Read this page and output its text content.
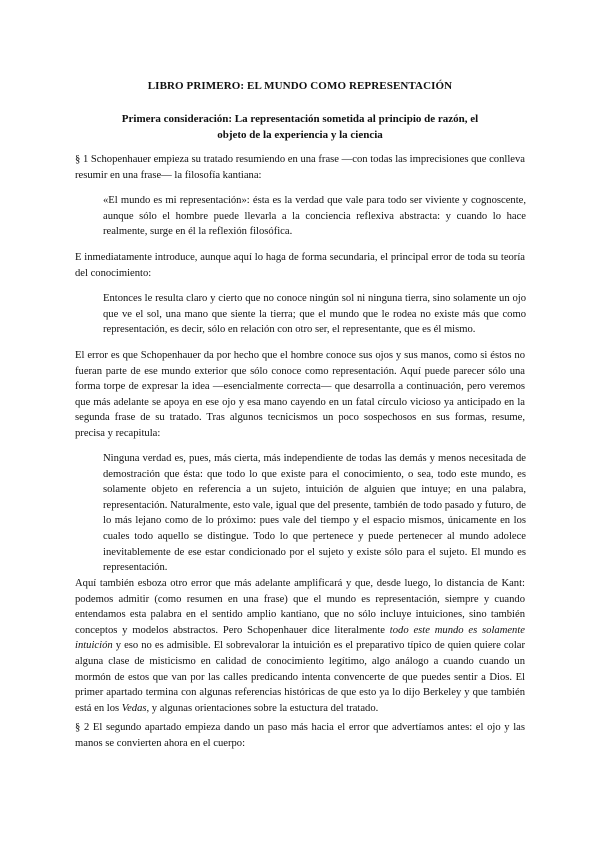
LIBRO PRIMERO: EL MUNDO COMO REPRESENTACIÓN
Primera consideración: La representación sometida al principio de razón, el objeto de la experiencia y la ciencia

§ 1 Schopenhauer empieza su tratado resumiendo en una frase —con todas las imprecisiones que conlleva resumir en una frase— la filosofía kantiana:

«El mundo es mi representación»: ésta es la verdad que vale para todo ser viviente y cognoscente, aunque sólo el hombre puede llevarla a la conciencia reflexiva abstracta: y cuando lo hace realmente, surge en él la reflexión filosófica.

E inmediatamente introduce, aunque aquí lo haga de forma secundaria, el principal error de toda su teoría del conocimiento:

Entonces le resulta claro y cierto que no conoce ningún sol ni ninguna tierra, sino solamente un ojo que ve el sol, una mano que siente la tierra; que el mundo que le rodea no existe más que como representación, es decir, sólo en relación con otro ser, el representante, que es él mismo.

El error es que Schopenhauer da por hecho que el hombre conoce sus ojos y sus manos, como si éstos no fueran parte de ese mundo exterior que sólo conoce como representación. Aquí puede parecer sólo una forma torpe de expresar la idea —esencialmente correcta— que desarrolla a continuación, pero veremos que más adelante se apoya en ese ojo y esa mano cayendo en un fatal círculo vicioso ya anticipado en la segunda frase de su tratado. Tras algunos tecnicismos un poco sospechosos en sus formas, resume, precisa y recapitula:

Ninguna verdad es, pues, más cierta, más independiente de todas las demás y menos necesitada de demostración que ésta: que todo lo que existe para el conocimiento, o sea, todo este mundo, es solamente objeto en referencia a un sujeto, intuición de alguien que intuye; en una palabra, representación. Naturalmente, esto vale, igual que del presente, también de todo pasado y futuro, de lo más lejano como de lo próximo: pues vale del tiempo y el espacio mismos, únicamente en los cuales todo aquello se distingue. Todo lo que pertenece y puede pertenecer al mundo adolece inevitablemente de ese estar condicionado por el sujeto y existe sólo para el sujeto. El mundo es representación.

Aquí también esboza otro error que más adelante amplificará y que, desde luego, lo distancia de Kant: podemos admitir (como resumen en una frase) que el mundo es representación, siempre y cuando entendamos esta palabra en el sentido amplio kantiano, que no sólo incluye intuiciones, sino también conceptos y modelos abstractos. Pero Schopenhauer dice literalmente todo este mundo es solamente intuición y eso no es admisible. El sobrevalorar la intuición es el preparativo típico de quien quiere colar alguna clase de misticismo en calidad de conocimiento legítimo, algo análogo a cuando cuando un mormón de estos que van por las calles predicando intenta convencerte de que puedes sentir a Dios. El primer apartado termina con algunas referencias históricas de que esto ya lo dijo Berkeley y que también está en los Vedas, y algunas orientaciones sobre la estuctura del tratado.

§ 2 El segundo apartado empieza dando un paso más hacia el error que advertíamos antes: el ojo y las manos se convierten ahora en el cuerpo:
